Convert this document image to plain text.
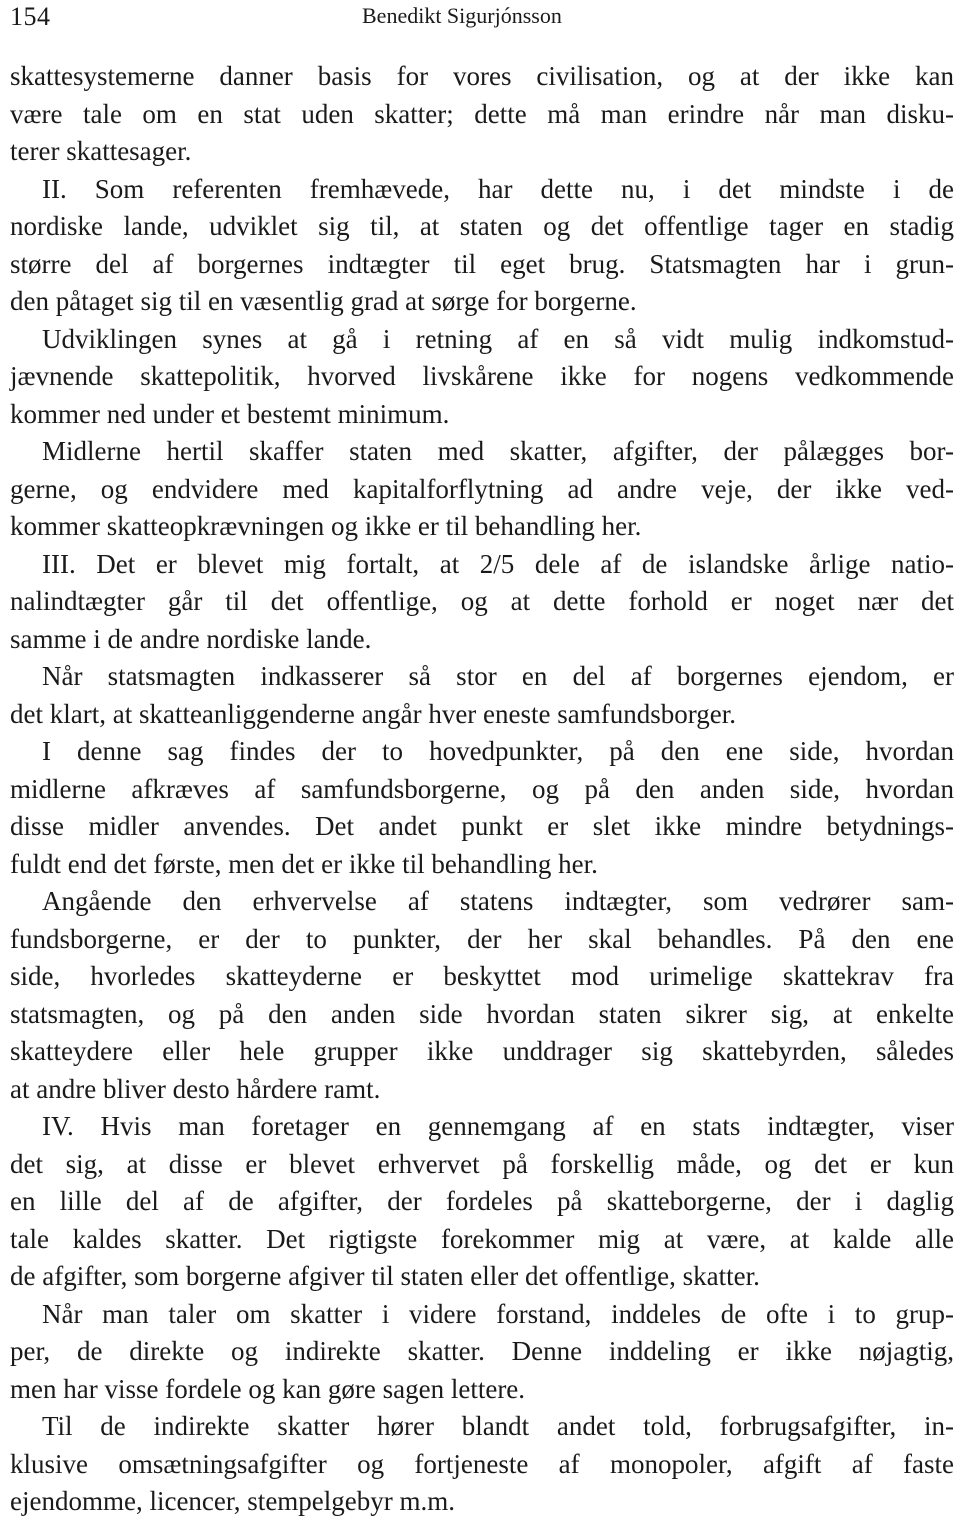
154	Benedikt Sigurjónsson
skattesystemerne danner basis for vores civilisation, og at der ikke kan
være tale om en stat uden skatter; dette må man erindre når man disku-
terer skattesager.
II. Som referenten fremhævede, har dette nu, i det mindste i de
nordiske lande, udviklet sig til, at staten og det offentlige tager en stadig
større del af borgernes indtægter til eget brug. Statsmagten har i grun-
den påtaget sig til en væsentlig grad at sørge for borgerne.
Udviklingen synes at gå i retning af en så vidt mulig indkomstud-
jævnende skattepolitik, hvorved livskårene ikke for nogens vedkommende
kommer ned under et bestemt minimum.
Midlerne hertil skaffer staten med skatter, afgifter, der pålægges bor-
gerne, og endvidere med kapitalforflytning ad andre veje, der ikke ved-
kommer skatteopkrævningen og ikke er til behandling her.
III. Det er blevet mig fortalt, at 2/5 dele af de islandske årlige natio-
nalindtægter går til det offentlige, og at dette forhold er noget nær det
samme i de andre nordiske lande.
Når statsmagten indkasserer så stor en del af borgernes ejendom, er
det klart, at skatteanliggenderne angår hver eneste samfundsborger.
I denne sag findes der to hovedpunkter, på den ene side, hvordan
midlerne afkræves af samfundsborgerne, og på den anden side, hvordan
disse midler anvendes. Det andet punkt er slet ikke mindre betydnings-
fuldt end det første, men det er ikke til behandling her.
Angående den erhvervelse af statens indtægter, som vedrører sam-
fundsborgerne, er der to punkter, der her skal behandles. På den ene
side, hvorledes skatteyderne er beskyttet mod urimelige skattekrav fra
statsmagten, og på den anden side hvordan staten sikrer sig, at enkelte
skatteydere eller hele grupper ikke unddrager sig skattebyrden, således
at andre bliver desto hårdere ramt.
IV. Hvis man foretager en gennemgang af en stats indtægter, viser
det sig, at disse er blevet erhvervet på forskellig måde, og det er kun
en lille del af de afgifter, der fordeles på skatteborgerne, der i daglig
tale kaldes skatter. Det rigtigste forekommer mig at være, at kalde alle
de afgifter, som borgerne afgiver til staten eller det offentlige, skatter.
Når man taler om skatter i videre forstand, inddeles de ofte i to grup-
per, de direkte og indirekte skatter. Denne inddeling er ikke nøjagtig,
men har visse fordele og kan gøre sagen lettere.
Til de indirekte skatter hører blandt andet told, forbrugsafgifter, in-
klusive omsætningsafgifter og fortjeneste af monopoler, afgift af faste
ejendomme, licencer, stempelgebyr m.m.
